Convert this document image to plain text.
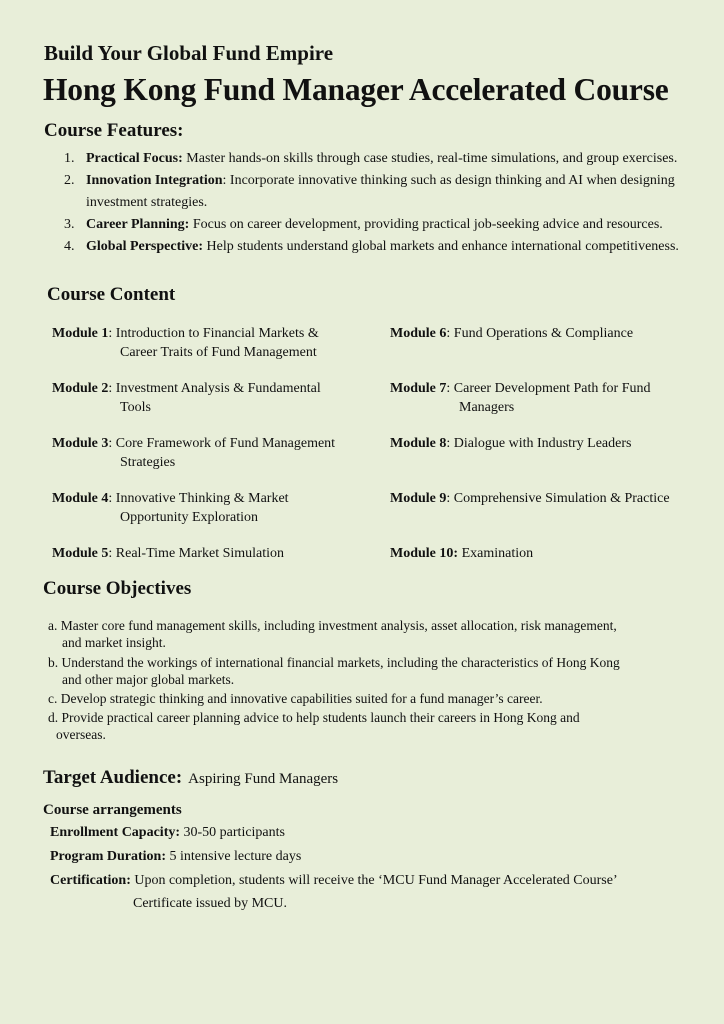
Build Your Global Fund Empire
Hong Kong Fund Manager Accelerated Course
Course Features:
1. Practical Focus: Master hands-on skills through case studies, real-time simulations, and group exercises.
2. Innovation Integration: Incorporate innovative thinking such as design thinking and AI when designing investment strategies.
3. Career Planning: Focus on career development, providing practical job-seeking advice and resources.
4. Global Perspective: Help students understand global markets and enhance international competitiveness.
Course Content
Module 1: Introduction to Financial Markets &
Career Traits of Fund Management
Module 2: Investment Analysis & Fundamental
Tools
Module 3: Core Framework of Fund Management
Strategies
Module 4: Innovative Thinking & Market
Opportunity Exploration
Module 5: Real-Time Market Simulation
Module 6: Fund Operations & Compliance
Module 7: Career Development Path for Fund
Managers
Module 8: Dialogue with Industry Leaders
Module 9: Comprehensive Simulation & Practice
Module 10: Examination
Course Objectives
a. Master core fund management skills, including investment analysis, asset allocation, risk management,
and market insight.
b. Understand the workings of international financial markets, including the characteristics of Hong Kong
and other major global markets.
c. Develop strategic thinking and innovative capabilities suited for a fund manager’s career.
d. Provide practical career planning advice to help students launch their careers in Hong Kong and
overseas.
Target Audience: Aspiring Fund Managers
Course arrangements
Enrollment Capacity: 30-50 participants
Program Duration: 5 intensive lecture days
Certification: Upon completion, students will receive the ‘MCU Fund Manager Accelerated Course’
Certificate issued by MCU.
